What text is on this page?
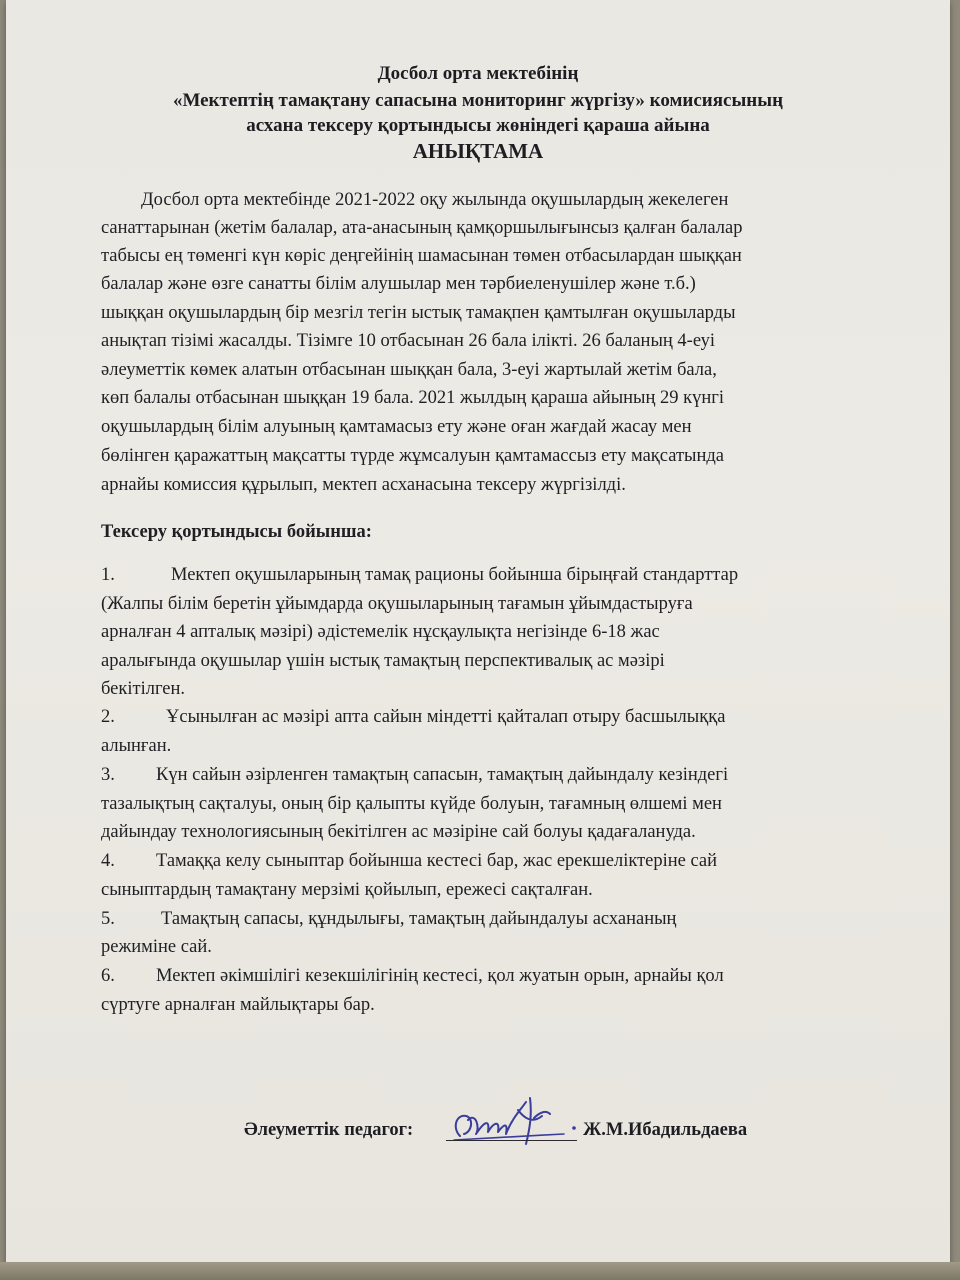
Досбол орта мектебінің
«Мектептің тамақтану сапасына мониторинг жүргізу» комисиясының
асхана тексеру қортындысы жөніндегі қараша айына
АНЫҚТАМА
Досбол орта мектебінде 2021-2022 оқу жылында оқушылардың жекелеген
санаттарынан (жетім балалар, ата-анасының қамқоршылығынсыз қалған балалар
табысы ең төменгі күн көріс деңгейінің шамасынан төмен отбасылардан шыққан
балалар және өзге санатты білім алушылар мен тәрбиеленушілер және т.б.)
шыққан оқушылардың бір мезгіл тегін ыстық тамақпен қамтылған оқушыларды
анықтап тізімі жасалды. Тізімге 10 отбасынан 26 бала ілікті. 26 баланың 4-еуі
әлеуметтік көмек алатын отбасынан шыққан бала, 3-еуі жартылай жетім бала,
көп балалы отбасынан шыққан 19 бала. 2021 жылдың қараша айының 29 күнгі
оқушылардың білім алуының қамтамасыз ету және оған жағдай жасау мен
бөлінген қаражаттың мақсатты түрде жұмсалуын қамтамассыз ету мақсатында
арнайы комиссия құрылып, мектеп асханасына тексеру жүргізілді.
Тексеру қортындысы бойынша:
1.	Мектеп оқушыларының тамақ рационы бойынша бірыңғай стандарттар
(Жалпы білім беретін ұйымдарда оқушыларының тағамын ұйымдастыруға
арналған 4 апталық мәзірі) әдістемелік нұсқаулықта негізінде 6-18 жас
аралығында оқушылар үшін ыстық тамақтың перспективалық ас мәзірі
бекітілген.
2.	Ұсынылған ас мәзірі апта сайын міндетті қайталап отыру басшылыққа
алынған.
3. Күн сайын әзірленген тамақтың сапасын, тамақтың дайындалу кезіндегі
тазалықтың сақталуы, оның бір қалыпты күйде болуын, тағамның өлшемі мен
дайындау технологиясының бекітілген ас мәзіріне сай болуы қадағалануда.
4. Тамаққа келу сыныптар бойынша кестесі бар, жас ерекшеліктеріне сай
сыныптардың тамақтану мерзімі қойылып, ережесі сақталған.
5. Тамақтың сапасы, құндылығы, тамақтың дайындалуы асхананың
режиміне сай.
6. Мектеп әкімшілігі кезекшілігінің кестесі, қол жуатын орын, арнайы қол
сүртуге арналған майлықтары бар.
Әлеуметтік педагог:	Ж.М.Ибадильдаева
